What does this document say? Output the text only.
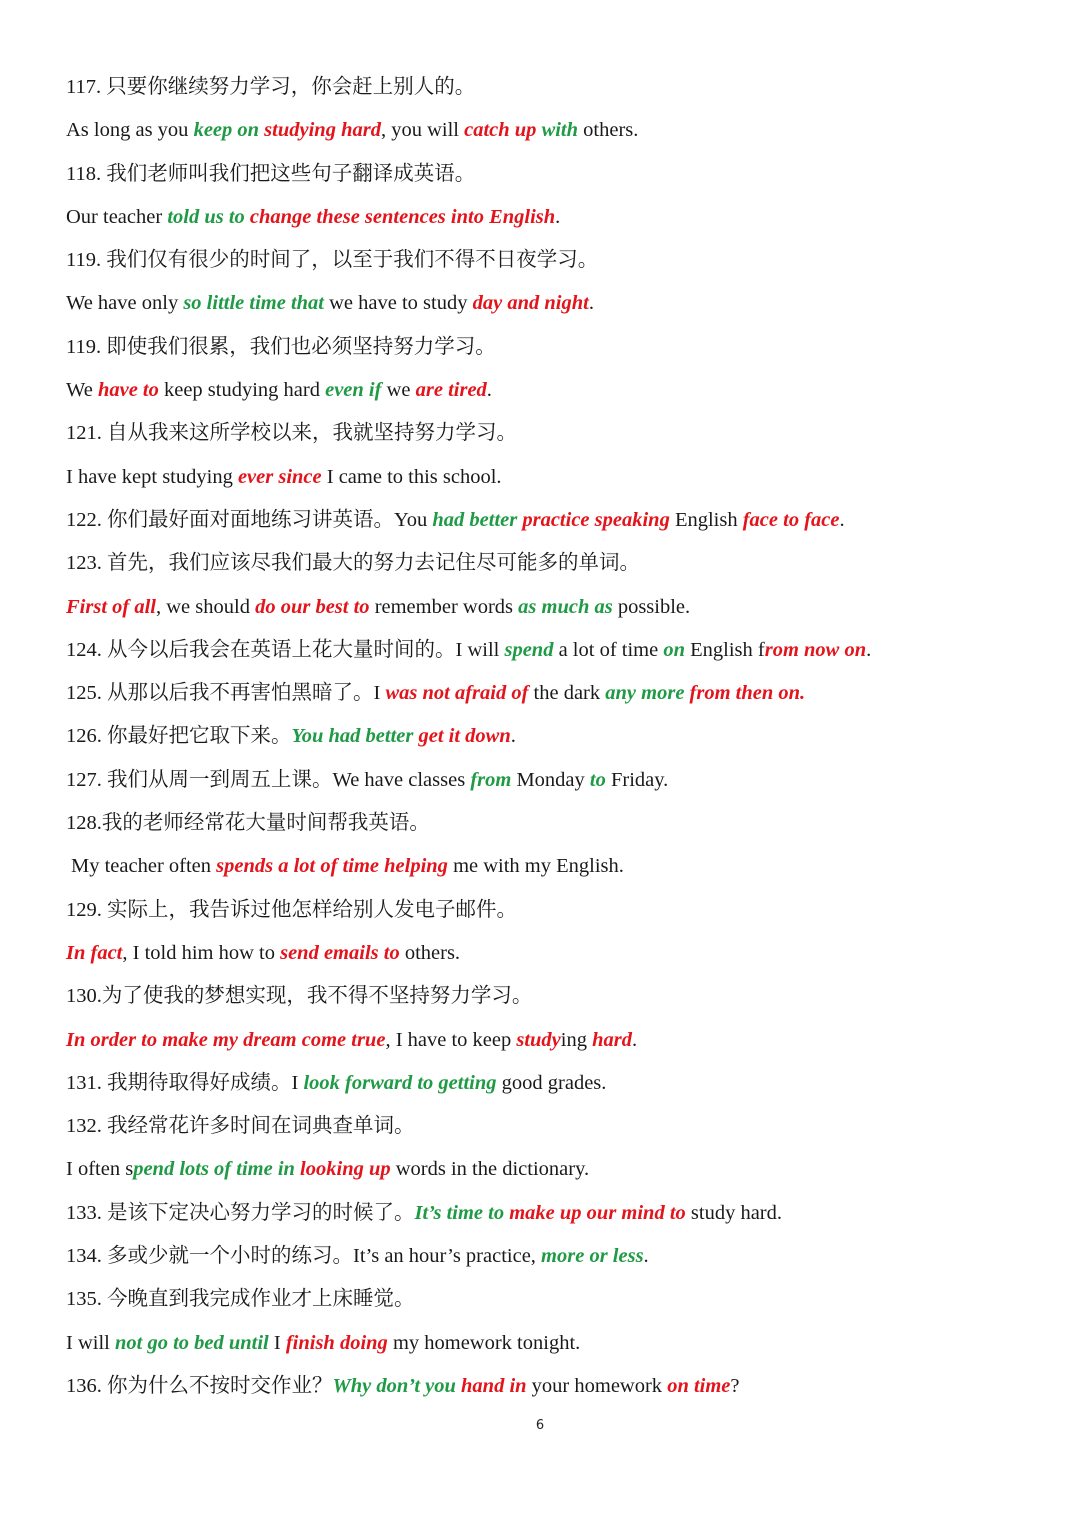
117. 只要你继续努力学习，你会赶上别人的。
As long as you keep on studying hard, you will catch up with others.
118. 我们老师叫我们把这些句子翻译成英语。
Our teacher told us to change these sentences into English.
119. 我们仅有很少的时间了，以至于我们不得不日夜学习。
We have only so little time that we have to study day and night.
119. 即使我们很累，我们也必须坚持努力学习。
We have to keep studying hard even if we are tired.
121. 自从我来这所学校以来，我就坚持努力学习。
I have kept studying ever since I came to this school.
122. 你们最好面对面地练习讲英语。You had better practice speaking English face to face.
123. 首先，我们应该尽我们最大的努力去记住尽可能多的单词。
First of all, we should do our best to remember words as much as possible.
124. 从今以后我会在英语上花大量时间的。I will spend a lot of time on English from now on.
125. 从那以后我不再害怕黑暗了。I was not afraid of the dark any more from then on.
126. 你最好把它取下来。You had better get it down.
127. 我们从周一到周五上课。We have classes from Monday to Friday.
128.我的老师经常花大量时间帮我英语。
My teacher often spends a lot of time helping me with my English.
129. 实际上，我告诉过他怎样给别人发电子邮件。
In fact, I told him how to send emails to others.
130.为了使我的梦想实现，我不得不坚持努力学习。
In order to make my dream come true, I have to keep studying hard.
131. 我期待取得好成绩。I look forward to getting good grades.
132. 我经常花许多时间在词典查单词。
I often spend lots of time in looking up words in the dictionary.
133. 是该下定决心努力学习的时候了。It’s time to make up our mind to study hard.
134. 多或少就一个小时的练习。It’s an hour’s practice, more or less.
135. 今晚直到我完成作业才上床睡觉。
I will not go to bed until I finish doing my homework tonight.
136. 你为什么不按时交作业？Why don’t you hand in your homework on time?
6
